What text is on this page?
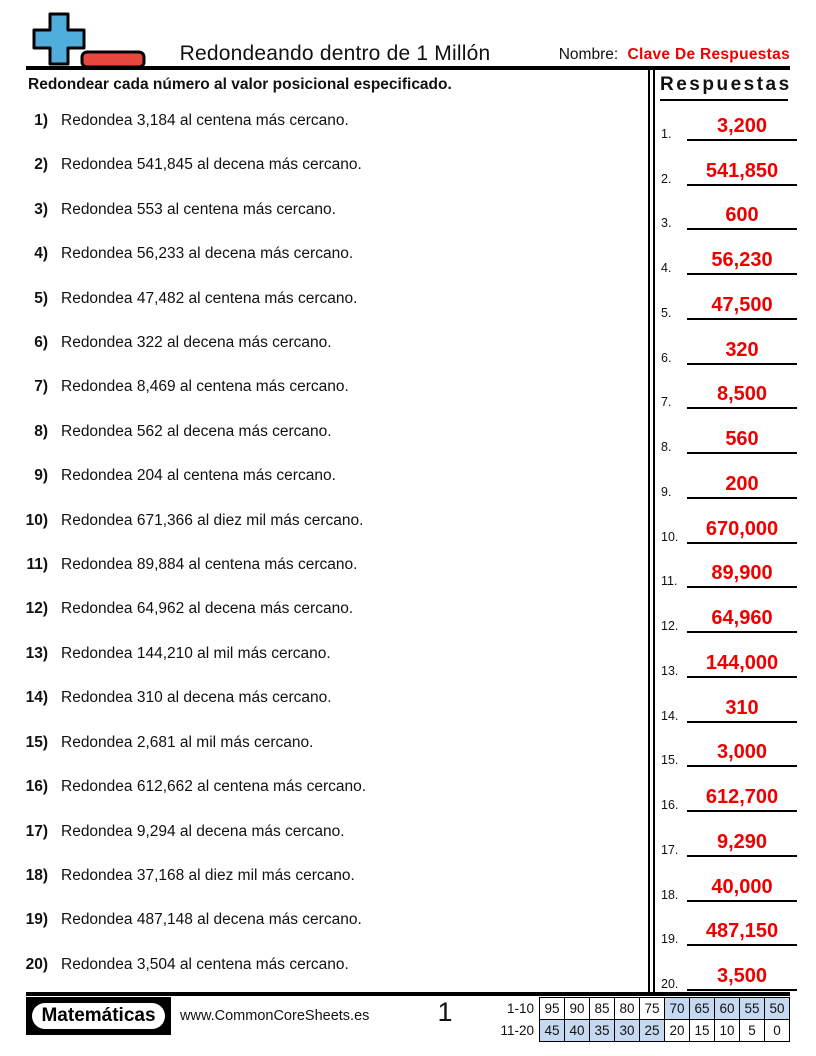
Redondeando dentro de 1 Millón	Nombre: Clave De Respuestas
Redondear cada número al valor posicional especificado.
1) Redondea 3,184 al centena más cercano.
2) Redondea 541,845 al decena más cercano.
3) Redondea 553 al centena más cercano.
4) Redondea 56,233 al decena más cercano.
5) Redondea 47,482 al centena más cercano.
6) Redondea 322 al decena más cercano.
7) Redondea 8,469 al centena más cercano.
8) Redondea 562 al decena más cercano.
9) Redondea 204 al centena más cercano.
10) Redondea 671,366 al diez mil más cercano.
11) Redondea 89,884 al centena más cercano.
12) Redondea 64,962 al decena más cercano.
13) Redondea 144,210 al mil más cercano.
14) Redondea 310 al decena más cercano.
15) Redondea 2,681 al mil más cercano.
16) Redondea 612,662 al centena más cercano.
17) Redondea 9,294 al decena más cercano.
18) Redondea 37,168 al diez mil más cercano.
19) Redondea 487,148 al decena más cercano.
20) Redondea 3,504 al centena más cercano.
Respuestas
1.	3,200
2.	541,850
3.	600
4.	56,230
5.	47,500
6.	320
7.	8,500
8.	560
9.	200
10.	670,000
11.	89,900
12.	64,960
13.	144,000
14.	310
15.	3,000
16.	612,700
17.	9,290
18.	40,000
19.	487,150
20.	3,500
Matemáticas	www.CommonCoreSheets.es	1	1-10	95	90	85	80	75	70	65	60	55	50
11-20	45	40	35	30	25	20	15	10	5	0
